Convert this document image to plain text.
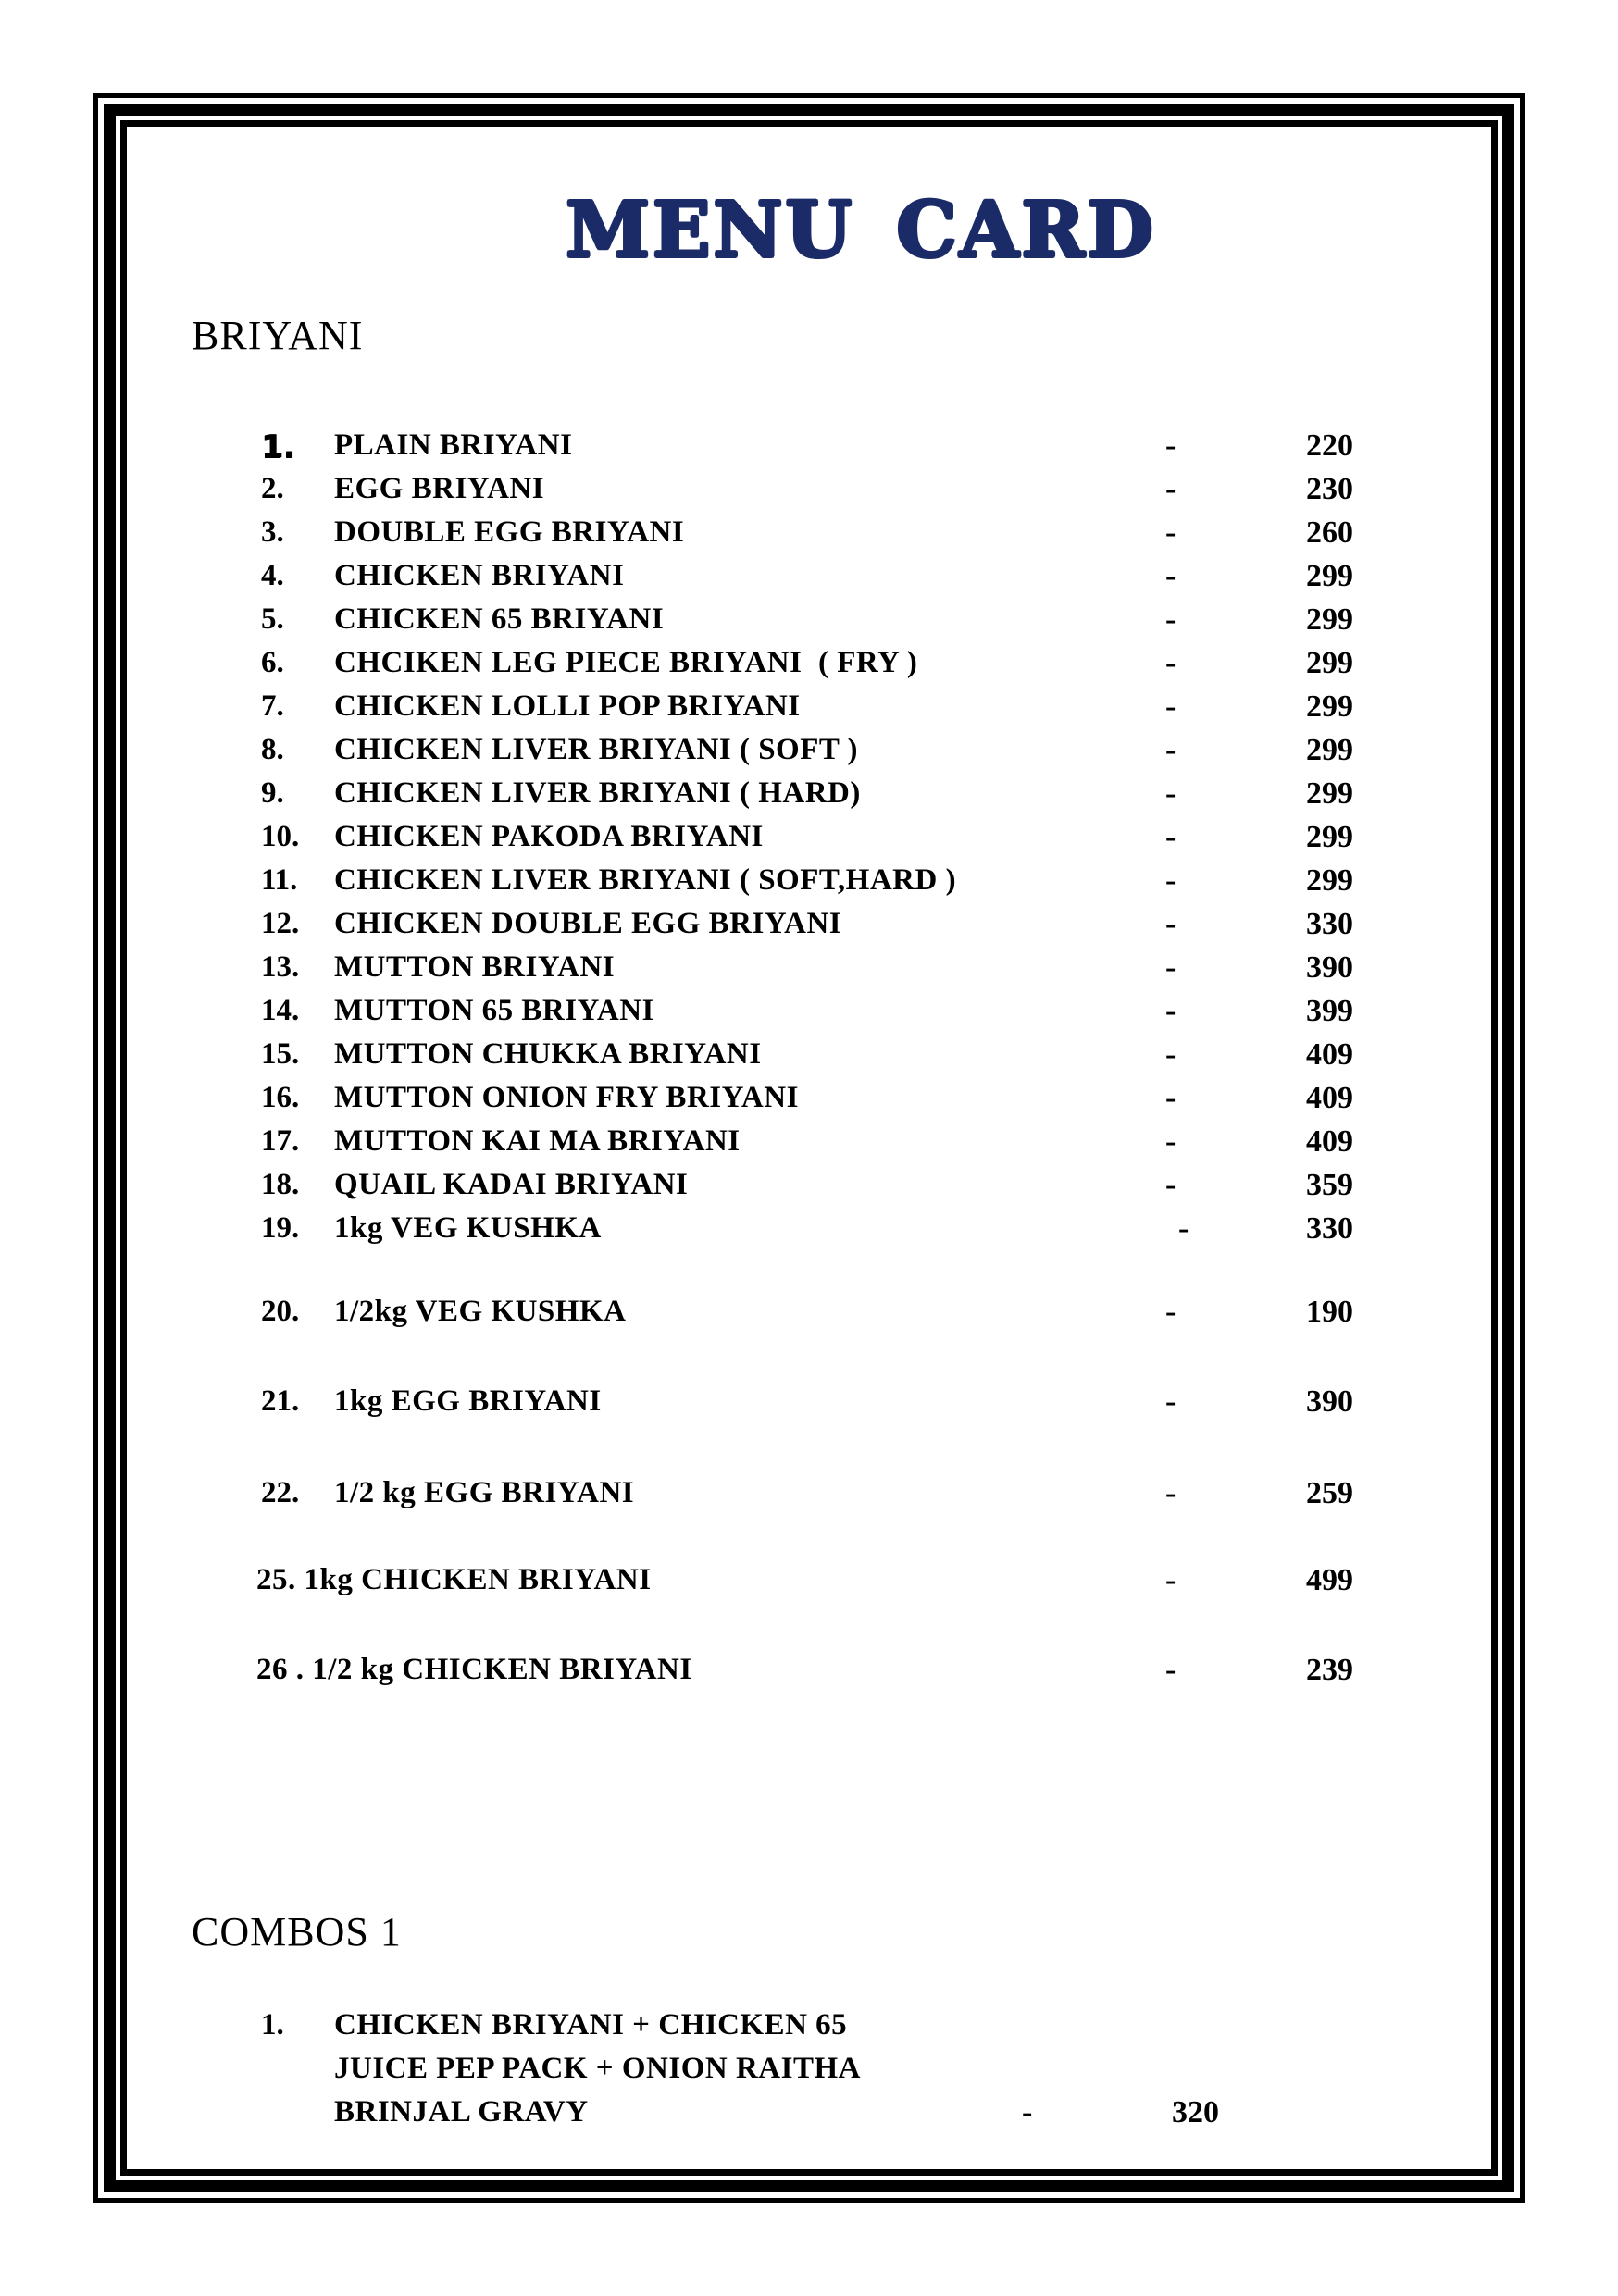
MENU CARD
BRIYANI
1. PLAIN BRIYANI	-	220
2. EGG BRIYANI	-	230
3. DOUBLE EGG BRIYANI	-	260
4. CHICKEN BRIYANI	-	299
5. CHICKEN 65 BRIYANI	-	299
6. CHCIKEN LEG PIECE BRIYANI  ( FRY )	-	299
7. CHICKEN LOLLI POP BRIYANI	-	299
8. CHICKEN LIVER BRIYANI ( SOFT )	-	299
9. CHICKEN LIVER BRIYANI ( HARD)	-	299
10. CHICKEN PAKODA BRIYANI	-	299
11. CHICKEN LIVER BRIYANI ( SOFT,HARD )	-	299
12. CHICKEN DOUBLE EGG BRIYANI	-	330
13. MUTTON BRIYANI	-	390
14. MUTTON 65 BRIYANI	-	399
15. MUTTON CHUKKA BRIYANI	-	409
16. MUTTON ONION FRY BRIYANI	-	409
17. MUTTON KAI MA BRIYANI	-	409
18. QUAIL KADAI BRIYANI	-	359
19. 1kg VEG KUSHKA	-	330
20. 1/2kg VEG KUSHKA	-	190
21. 1kg EGG BRIYANI	-	390
22. 1/2 kg EGG BRIYANI	-	259
25. 1kg CHICKEN BRIYANI	-	499
26 . 1/2 kg CHICKEN BRIYANI	-	239
COMBOS 1
1. CHICKEN BRIYANI + CHICKEN 65
JUICE PEP PACK + ONION RAITHA
BRINJAL GRAVY	-	320
